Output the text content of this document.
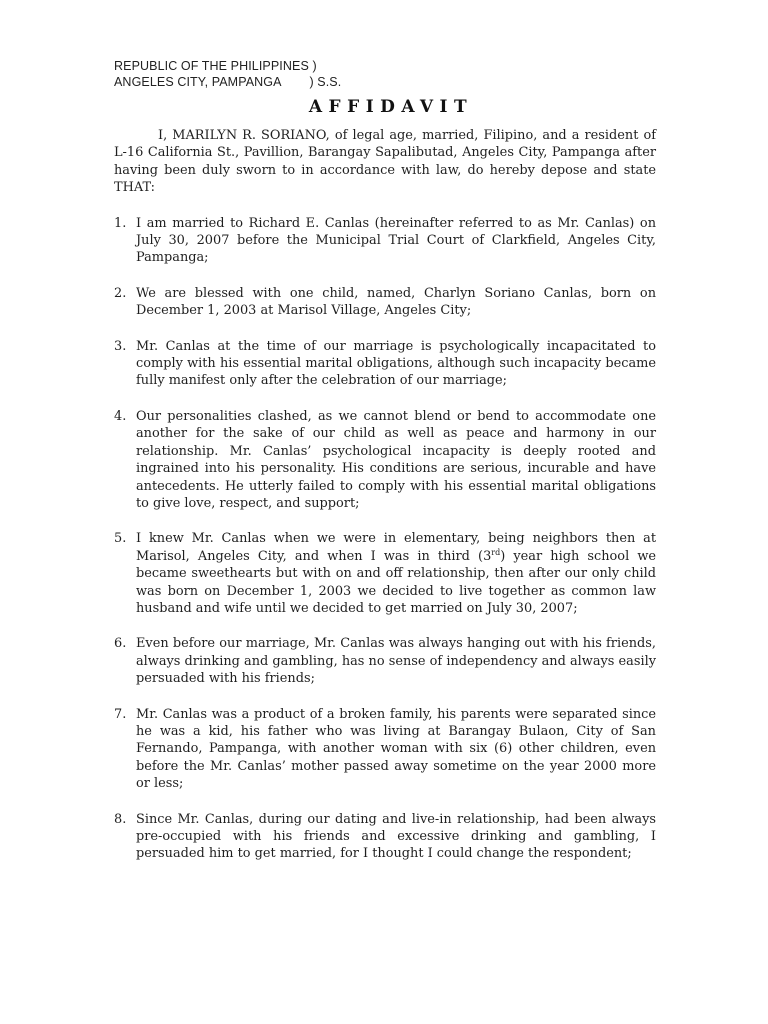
REPUBLIC OF THE PHILIPPINES )
ANGELES CITY, PAMPANGA ) S.S.
AFFIDAVIT

I, MARILYN R. SORIANO, of legal age, married, Filipino, and a resident of L-16 California St., Pavillion, Barangay Sapalibutad, Angeles City, Pampanga after having been duly sworn to in accordance with law, do hereby depose and state THAT:

1. I am married to Richard E. Canlas (hereinafter referred to as Mr. Canlas) on July 30, 2007 before the Municipal Trial Court of Clarkfield, Angeles City, Pampanga;
2. We are blessed with one child, named, Charlyn Soriano Canlas, born on December 1, 2003 at Marisol Village, Angeles City;
3. Mr. Canlas at the time of our marriage is psychologically incapacitated to comply with his essential marital obligations, although such incapacity became fully manifest only after the celebration of our marriage;
4. Our personalities clashed, as we cannot blend or bend to accommodate one another for the sake of our child as well as peace and harmony in our relationship. Mr. Canlas’ psychological incapacity is deeply rooted and ingrained into his personality. His conditions are serious, incurable and have antecedents. He utterly failed to comply with his essential marital obligations to give love, respect, and support;
5. I knew Mr. Canlas when we were in elementary, being neighbors then at Marisol, Angeles City, and when I was in third (3rd) year high school we became sweethearts but with on and off relationship, then after our only child was born on December 1, 2003 we decided to live together as common law husband and wife until we decided to get married on July 30, 2007;
6. Even before our marriage, Mr. Canlas was always hanging out with his friends, always drinking and gambling, has no sense of independency and always easily persuaded with his friends;
7. Mr. Canlas was a product of a broken family, his parents were separated since he was a kid, his father who was living at Barangay Bulaon, City of San Fernando, Pampanga, with another woman with six (6) other children, even before the Mr. Canlas’ mother passed away sometime on the year 2000 more or less;
8. Since Mr. Canlas, during our dating and live-in relationship, had been always pre-occupied with his friends and excessive drinking and gambling, I persuaded him to get married, for I thought I could change the respondent;
